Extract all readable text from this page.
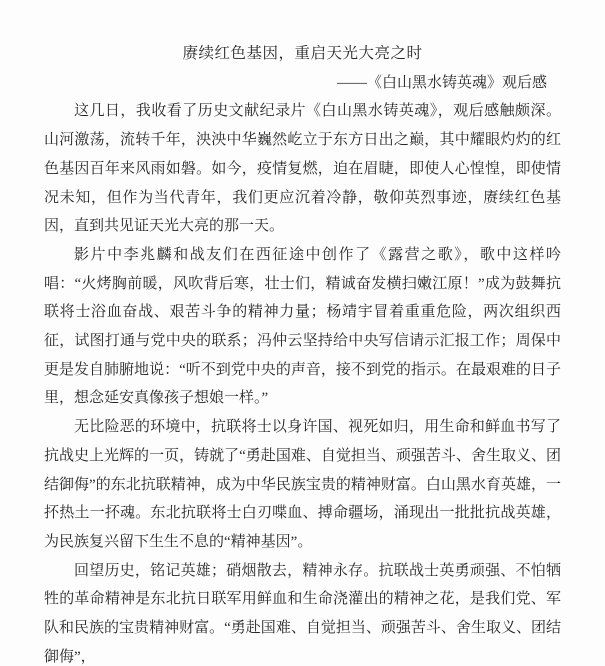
赓续红色基因，重启天光大亮之时
——《白山黑水铸英魂》观后感

这几日，我收看了历史文献纪录片《白山黑水铸英魂》，观后感触颇深。山河激荡，流转千年，泱泱中华巍然屹立于东方日出之巅，其中耀眼灼灼的红色基因百年来风雨如磐。如今，疫情复燃，迫在眉睫，即使人心惶惶，即使情况未知，但作为当代青年，我们更应沉着冷静，敬仰英烈事迹，赓续红色基因，直到共见证天光大亮的那一天。

影片中李兆麟和战友们在西征途中创作了《露营之歌》，歌中这样吟唱：“火烤胸前暖，风吹背后寒，壮士们，精诚奋发横扫嫩江原！”成为鼓舞抗联将士浴血奋战、艰苦斗争的精神力量；杨靖宇冒着重重危险，两次组织西征，试图打通与党中央的联系；冯仲云坚持给中央写信请示汇报工作；周保中更是发自肺腑地说：“听不到党中央的声音，接不到党的指示。在最艰难的日子里，想念延安真像孩子想娘一样。”

无比险恶的环境中，抗联将士以身许国、视死如归，用生命和鲜血书写了抗战史上光辉的一页，铸就了“勇赴国难、自觉担当、顽强苦斗、舍生取义、团结御侮”的东北抗联精神，成为中华民族宝贵的精神财富。白山黑水育英雄，一抔热土一抔魂。东北抗联将士白刃喋血、搏命疆场，涌现出一批批抗战英雄，为民族复兴留下生生不息的“精神基因”。

回望历史，铭记英雄；硝烟散去，精神永存。抗联战士英勇顽强、不怕牺牲的革命精神是东北抗日联军用鲜血和生命浇灌出的精神之花，是我们党、军队和民族的宝贵精神财富。“勇赴国难、自觉担当、顽强苦斗、舍生取义、团结御侮”，
